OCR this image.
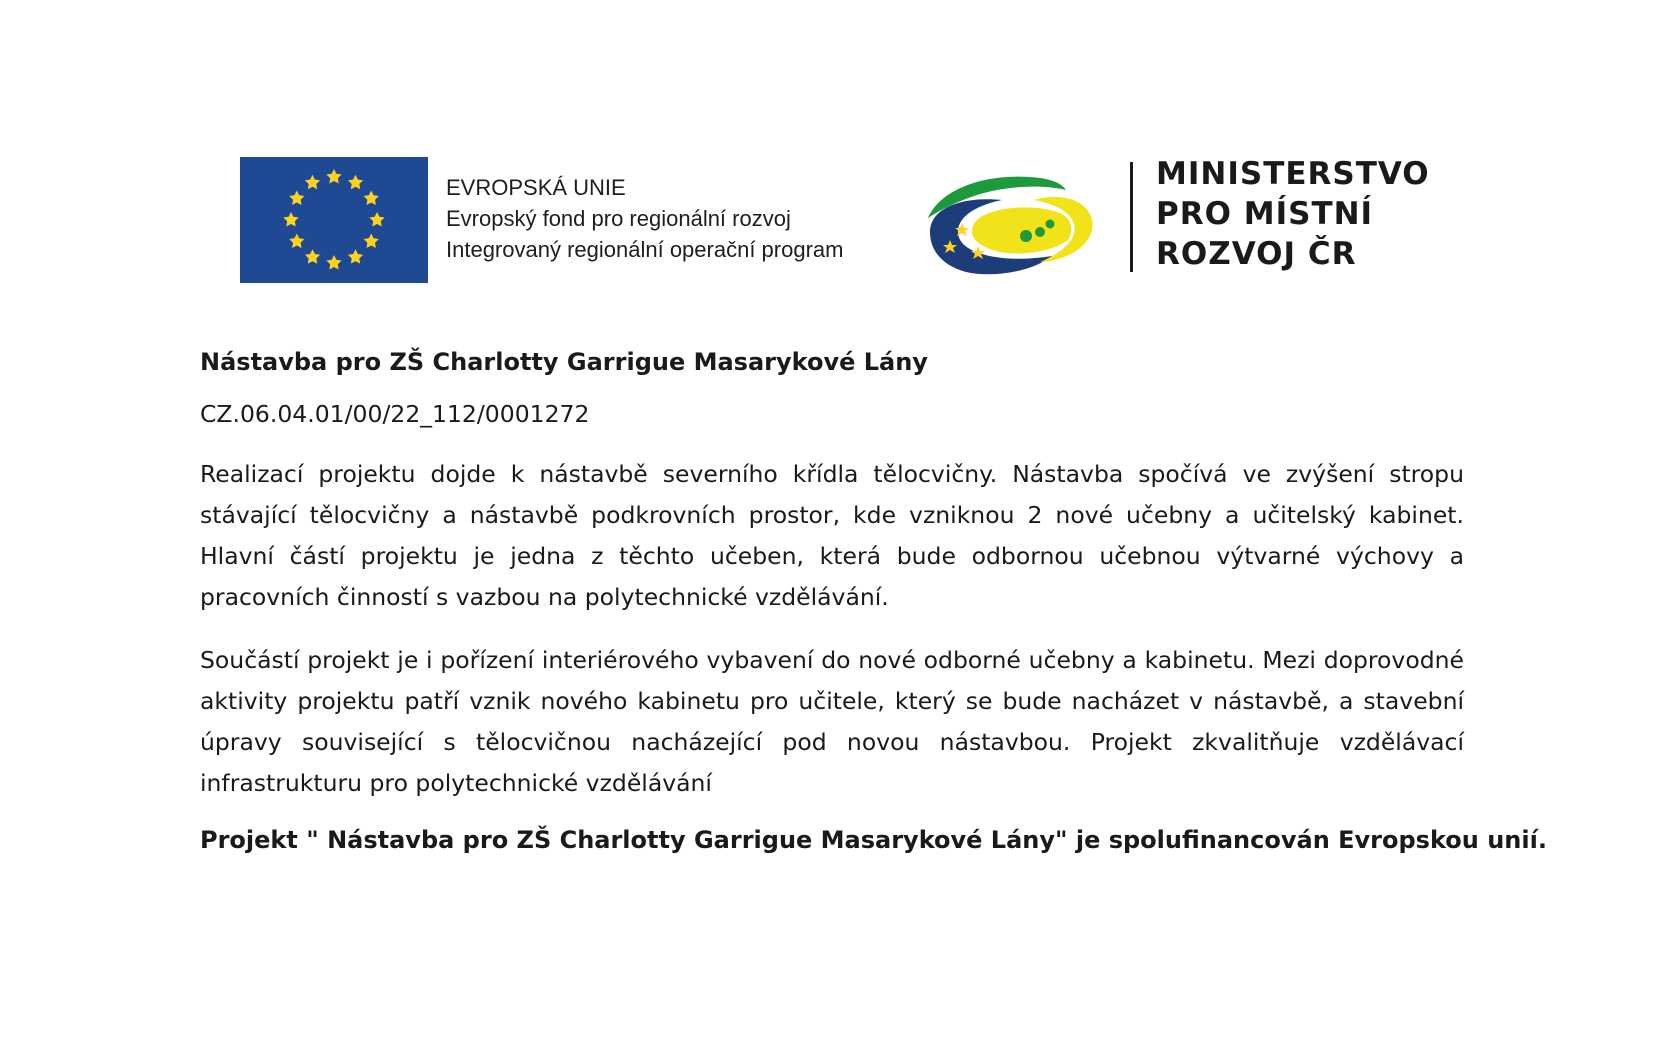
EVROPSKÁ UNIE
Evropský fond pro regionální rozvoj
Integrovaný regionální operační program
MINISTERSTVO
PRO MÍSTNÍ
ROZVOJ ČR
Nástavba pro ZŠ Charlotty Garrigue Masarykové Lány
CZ.06.04.01/00/22_112/0001272
Realizací projektu dojde k nástavbě severního křídla tělocvičny. Nástavba spočívá ve zvýšení stropu stávající tělocvičny a nástavbě podkrovních prostor, kde vzniknou 2 nové učebny a učitelský kabinet. Hlavní částí projektu je jedna z těchto učeben, která bude odbornou učebnou výtvarné výchovy a pracovních činností s vazbou na polytechnické vzdělávání.
Součástí projekt je i pořízení interiérového vybavení do nové odborné učebny a kabinetu. Mezi doprovodné aktivity projektu patří vznik nového kabinetu pro učitele, který se bude nacházet v nástavbě, a stavební úpravy související s tělocvičnou nacházející pod novou nástavbou. Projekt zkvalitňuje vzdělávací infrastrukturu pro polytechnické vzdělávání
Projekt " Nástavba pro ZŠ Charlotty Garrigue Masarykové Lány" je spolufinancován Evropskou unií.
